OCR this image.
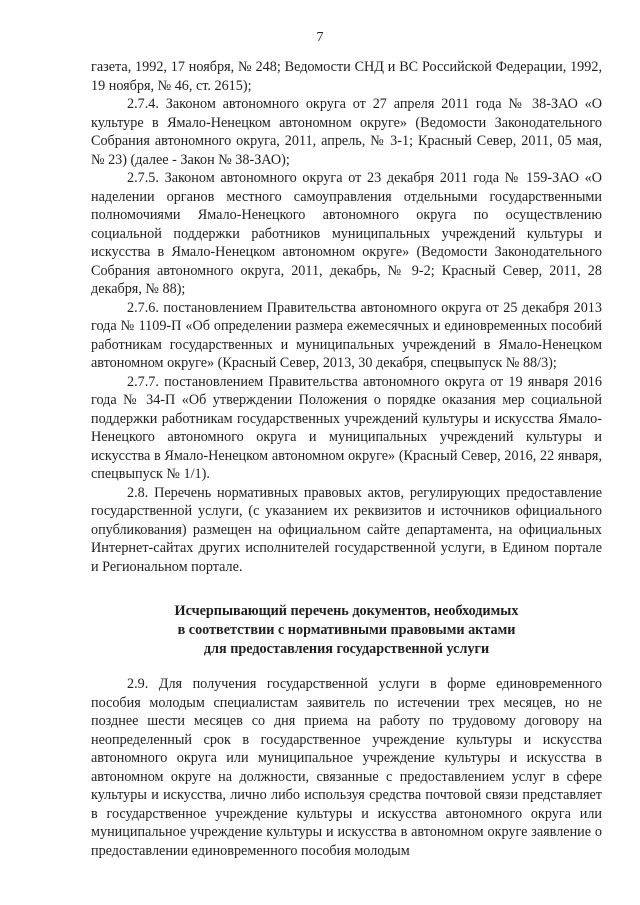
7

газета, 1992, 17 ноября, № 248; Ведомости СНД и ВС Российской Федерации, 1992, 19 ноября, № 46, ст. 2615);

2.7.4. Законом автономного округа от 27 апреля 2011 года № 38-ЗАО «О культуре в Ямало-Ненецком автономном округе» (Ведомости Законодательного Собрания автономного округа, 2011, апрель, № 3-1; Красный Север, 2011, 05 мая, № 23) (далее - Закон № 38-ЗАО);

2.7.5. Законом автономного округа от 23 декабря 2011 года № 159-ЗАО «О наделении органов местного самоуправления отдельными государственными полномочиями Ямало-Ненецкого автономного округа по осуществлению социальной поддержки работников муниципальных учреждений культуры и искусства в Ямало-Ненецком автономном округе» (Ведомости Законодательного Собрания автономного округа, 2011, декабрь, № 9-2; Красный Север, 2011, 28 декабря, № 88);

2.7.6. постановлением Правительства автономного округа от 25 декабря 2013 года № 1109-П «Об определении размера ежемесячных и единовременных пособий работникам государственных и муниципальных учреждений в Ямало-Ненецком автономном округе» (Красный Север, 2013, 30 декабря, спецвыпуск № 88/3);

2.7.7. постановлением Правительства автономного округа от 19 января 2016 года № 34-П «Об утверждении Положения о порядке оказания мер социальной поддержки работникам государственных учреждений культуры и искусства Ямало-Ненецкого автономного округа и муниципальных учреждений культуры и искусства в Ямало-Ненецком автономном округе» (Красный Север, 2016, 22 января, спецвыпуск № 1/1).

2.8. Перечень нормативных правовых актов, регулирующих предоставление государственной услуги, (с указанием их реквизитов и источников официального опубликования) размещен на официальном сайте департамента, на официальных Интернет-сайтах других исполнителей государственной услуги, в Едином портале и Региональном портале.

Исчерпывающий перечень документов, необходимых
в соответствии с нормативными правовыми актами
для предоставления государственной услуги

2.9. Для получения государственной услуги в форме единовременного пособия молодым специалистам заявитель по истечении трех месяцев, но не позднее шести месяцев со дня приема на работу по трудовому договору на неопределенный срок в государственное учреждение культуры и искусства автономного округа или муниципальное учреждение культуры и искусства в автономном округе на должности, связанные с предоставлением услуг в сфере культуры и искусства, лично либо используя средства почтовой связи представляет в государственное учреждение культуры и искусства автономного округа или муниципальное учреждение культуры и искусства в автономном округе заявление о предоставлении единовременного пособия молодым
